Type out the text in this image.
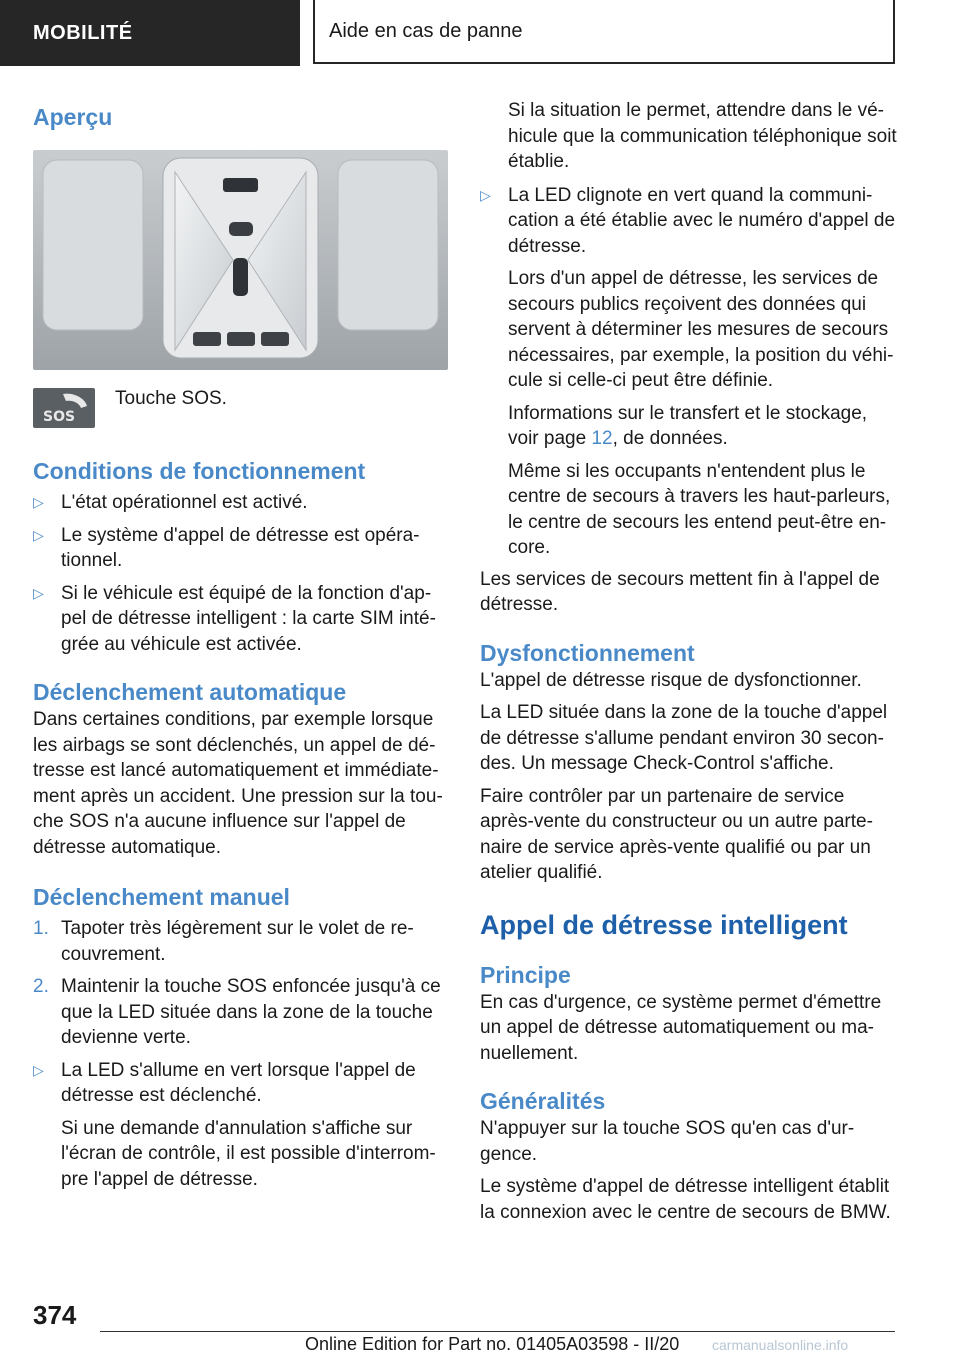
MOBILITÉ	Aide en cas de panne
Aperçu
SOS
Touche SOS.
Conditions de fonctionnement
▷ L'état opérationnel est activé.
▷ Le système d'appel de détresse est opéra-tionnel.
▷ Si le véhicule est équipé de la fonction d'ap-pel de détresse intelligent : la carte SIM inté-grée au véhicule est activée.
Déclenchement automatique

Dans certaines conditions, par exemple lorsque les airbags se sont déclenchés, un appel de dé-tresse est lancé automatiquement et immédiate-ment après un accident. Une pression sur la tou-che SOS n'a aucune influence sur l'appel de détresse automatique.

Déclenchement manuel
1. Tapoter très légèrement sur le volet de re-couvrement.
2. Maintenir la touche SOS enfoncée jusqu'à ce que la LED située dans la zone de la touche devienne verte.
▷ La LED s'allume en vert lorsque l'appel de détresse est déclenché.

Si une demande d'annulation s'affiche sur l'écran de contrôle, il est possible d'interrom-pre l'appel de détresse.

Si la situation le permet, attendre dans le vé-hicule que la communication téléphonique soit établie.

▷ La LED clignote en vert quand la communi-cation a été établie avec le numéro d'appel de détresse.

Lors d'un appel de détresse, les services de secours publics reçoivent des données qui servent à déterminer les mesures de secours nécessaires, par exemple, la position du véhi-cule si celle-ci peut être définie.

Informations sur le transfert et le stockage, voir page 12, de données.

Même si les occupants n'entendent plus le centre de secours à travers les haut-parleurs, le centre de secours les entend peut-être en-core.

Les services de secours mettent fin à l'appel de détresse.

Dysfonctionnement

L'appel de détresse risque de dysfonctionner.

La LED située dans la zone de la touche d'appel de détresse s'allume pendant environ 30 secon-des. Un message Check-Control s'affiche.

Faire contrôler par un partenaire de service après-vente du constructeur ou un autre parte-naire de service après-vente qualifié ou par un atelier qualifié.

Appel de détresse intelligent
Principe

En cas d'urgence, ce système permet d'émettre un appel de détresse automatiquement ou ma-nuellement.

Généralités

N'appuyer sur la touche SOS qu'en cas d'ur-gence.

Le système d'appel de détresse intelligent établit la connexion avec le centre de secours de BMW.

374
Online Edition for Part no. 01405A03598 - II/20 carmanualsonline.info
